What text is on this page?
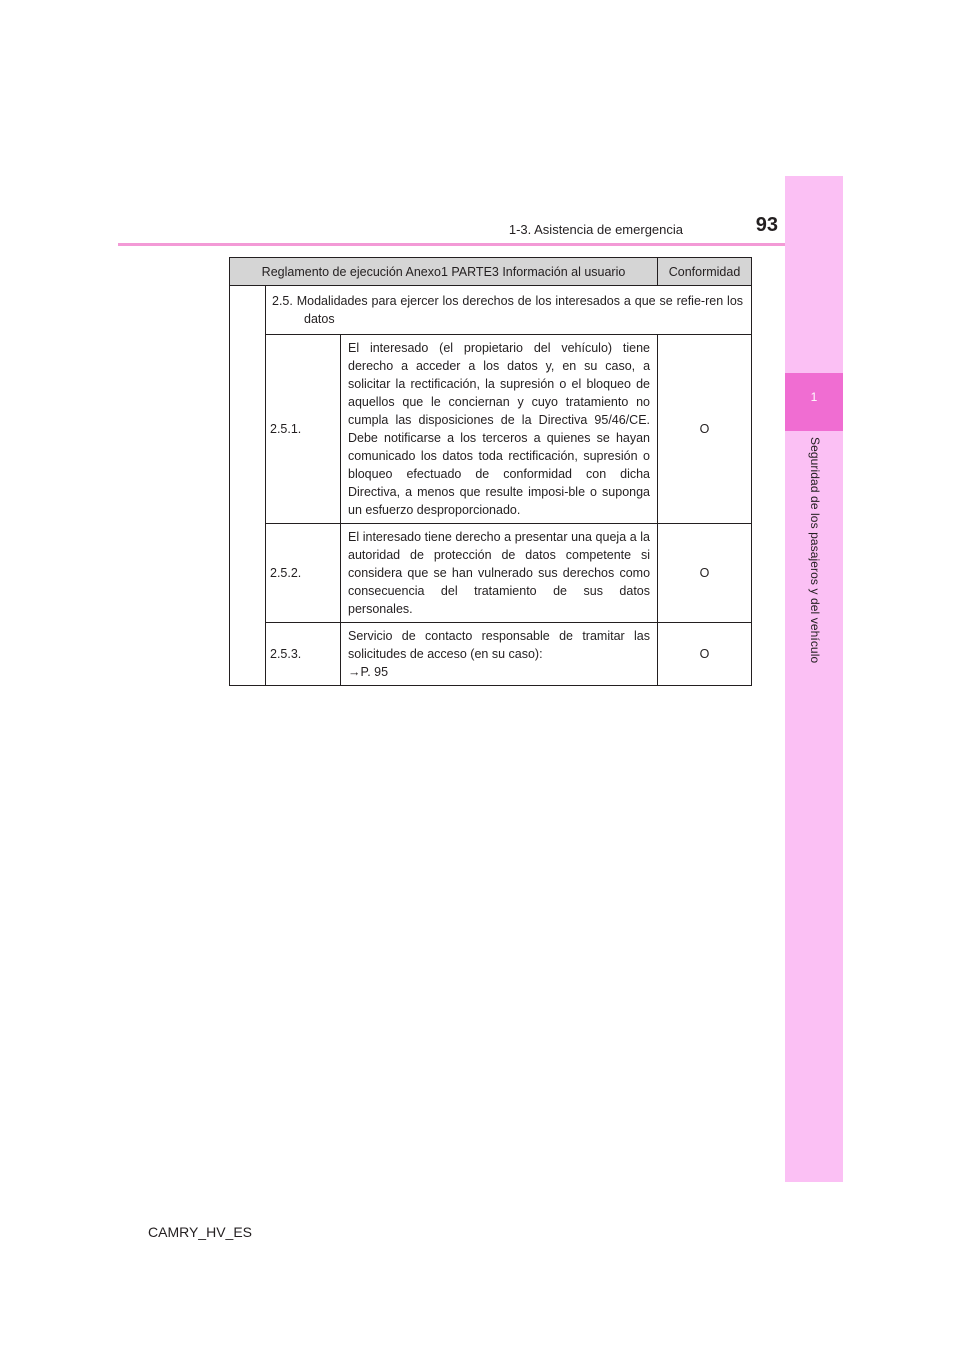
1-3. Asistencia de emergencia	93
1
Seguridad de los pasajeros y del vehículo
Reglamento de ejecución Anexo1 PARTE3 Información al usuario			Conformidad
	2.5. Modalidades para ejercer los derechos de los interesados a que se refie-ren los datos		
	2.5.1.	El interesado (el propietario del vehículo) tiene derecho a acceder a los datos y, en su caso, a solicitar la rectificación, la supresión o el bloqueo de aquellos que le conciernan y cuyo tratamiento no cumpla las disposiciones de la Directiva 95/46/​CE. Debe notificarse a los terceros a quienes se hayan comunicado los datos toda rectificación, supresión o bloqueo efectuado de conformidad con dicha Directiva, a menos que resulte imposi-ble o suponga un esfuerzo desproporcionado.	O
	2.5.2.	El interesado tiene derecho a presentar una queja a la autoridad de protección de datos competente si considera que se han vulnerado sus derechos como consecuencia del tratamiento de sus datos personales.	O
	2.5.3.	Servicio de contacto responsable de tramitar las solicitudes de acceso (en su caso):
→P. 95	O
CAMRY_HV_ES
